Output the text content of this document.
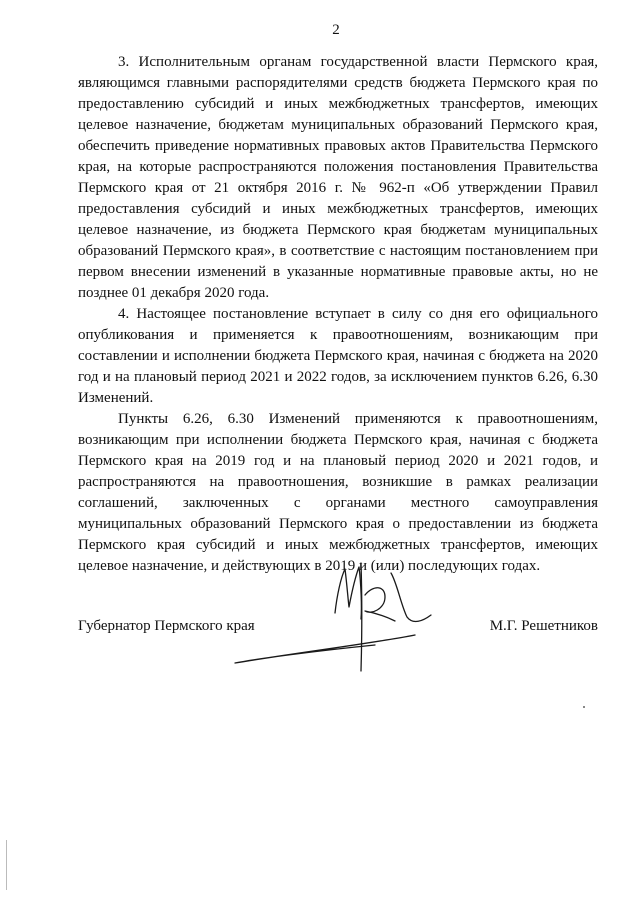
2

3. Исполнительным органам государственной власти Пермского края, являющимся главными распорядителями средств бюджета Пермского края по предоставлению субсидий и иных межбюджетных трансфертов, имеющих целевое назначение, бюджетам муниципальных образований Пермского края, обеспечить приведение нормативных правовых актов Правительства Пермского края, на которые распространяются положения постановления Правительства Пермского края от 21 октября 2016 г. № 962-п «Об утверждении Правил предоставления субсидий и иных межбюджетных трансфертов, имеющих целевое назначение, из бюджета Пермского края бюджетам муниципальных образований Пермского края», в соответствие с настоящим постановлением при первом внесении изменений в указанные нормативные правовые акты, но не позднее 01 декабря 2020 года.

4. Настоящее постановление вступает в силу со дня его официального опубликования и применяется к правоотношениям, возникающим при составлении и исполнении бюджета Пермского края, начиная с бюджета на 2020 год и на плановый период 2021 и 2022 годов, за исключением пунктов 6.26, 6.30 Изменений.

Пункты 6.26, 6.30 Изменений применяются к правоотношениям, возникающим при исполнении бюджета Пермского края, начиная с бюджета Пермского края на 2019 год и на плановый период 2020 и 2021 годов, и распространяются на правоотношения, возникшие в рамках реализации соглашений, заключенных с органами местного самоуправления муниципальных образований Пермского края о предоставлении из бюджета Пермского края субсидий и иных межбюджетных трансфертов, имеющих целевое назначение, и действующих в 2019 и (или) последующих годах.

Губернатор Пермского края	М.Г. Решетников
